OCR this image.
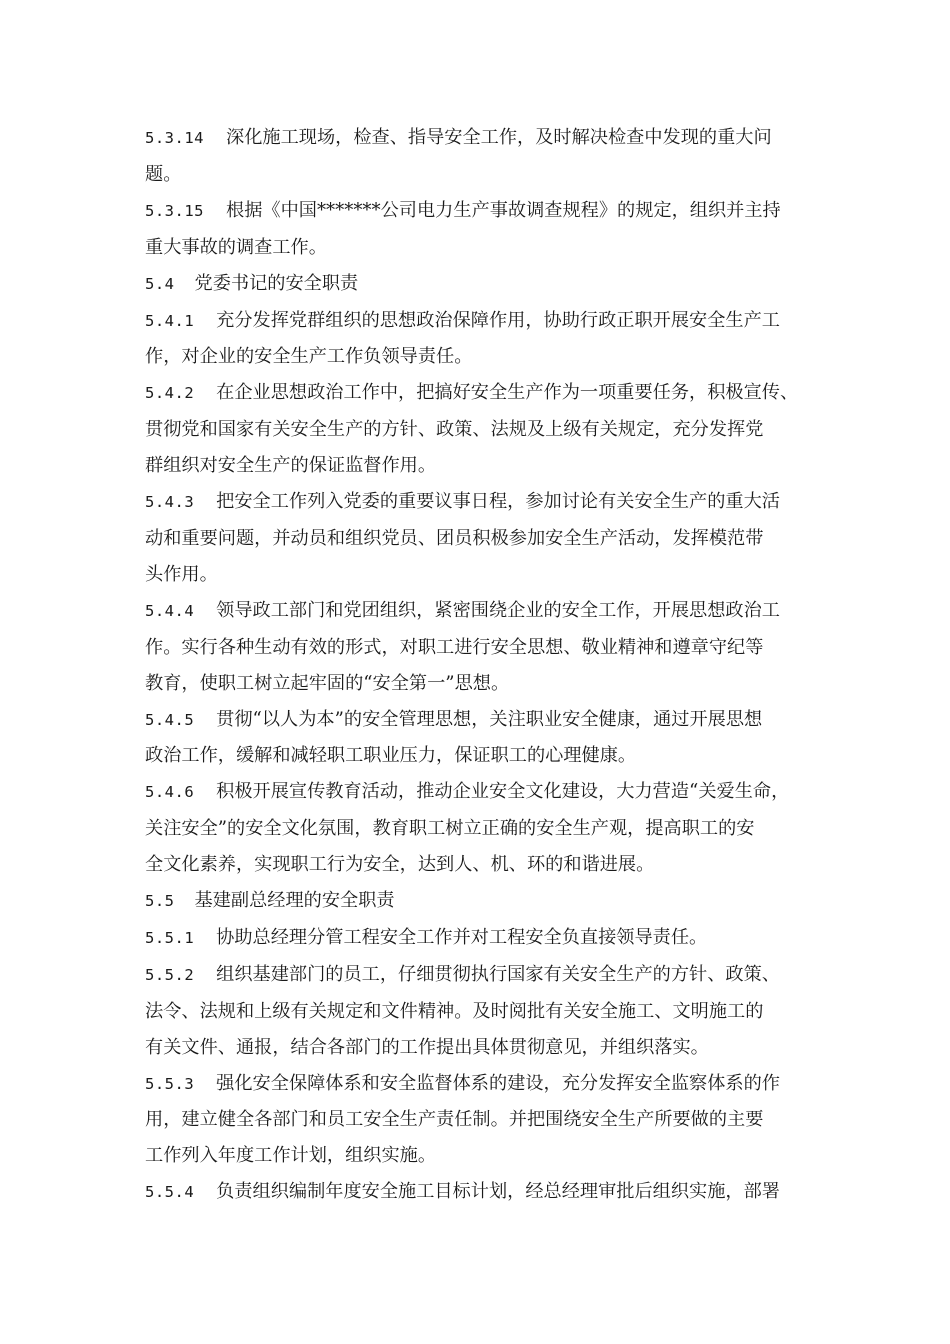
5.3.14 深化施工现场，检查、指导安全工作，及时解决检查中发现的重大问
题。

5.3.15 根据《中国*******公司电力生产事故调查规程》的规定，组织并主持
重大事故的调查工作。

5.4 党委书记的安全职责

5.4.1 充分发挥党群组织的思想政治保障作用，协助行政正职开展安全生产工
作，对企业的安全生产工作负领导责任。

5.4.2 在企业思想政治工作中，把搞好安全生产作为一项重要任务，积极宣传、
贯彻党和国家有关安全生产的方针、政策、法规及上级有关规定，充分发挥党
群组织对安全生产的保证监督作用。

5.4.3 把安全工作列入党委的重要议事日程，参加讨论有关安全生产的重大活
动和重要问题，并动员和组织党员、团员积极参加安全生产活动，发挥模范带
头作用。

5.4.4 领导政工部门和党团组织，紧密围绕企业的安全工作，开展思想政治工
作。实行各种生动有效的形式，对职工进行安全思想、敬业精神和遵章守纪等
教育，使职工树立起牢固的“安全第一”思想。

5.4.5 贯彻“以人为本”的安全管理思想，关注职业安全健康，通过开展思想
政治工作，缓解和减轻职工职业压力，保证职工的心理健康。

5.4.6 积极开展宣传教育活动，推动企业安全文化建设，大力营造“关爱生命，
关注安全”的安全文化氛围，教育职工树立正确的安全生产观，提高职工的安
全文化素养，实现职工行为安全，达到人、机、环的和谐进展。

5.5 基建副总经理的安全职责

5.5.1 协助总经理分管工程安全工作并对工程安全负直接领导责任。

5.5.2 组织基建部门的员工，仔细贯彻执行国家有关安全生产的方针、政策、
法令、法规和上级有关规定和文件精神。及时阅批有关安全施工、文明施工的
有关文件、通报，结合各部门的工作提出具体贯彻意见，并组织落实。

5.5.3 强化安全保障体系和安全监督体系的建设，充分发挥安全监察体系的作
用，建立健全各部门和员工安全生产责任制。并把围绕安全生产所要做的主要
工作列入年度工作计划，组织实施。

5.5.4 负责组织编制年度安全施工目标计划，经总经理审批后组织实施，部署
